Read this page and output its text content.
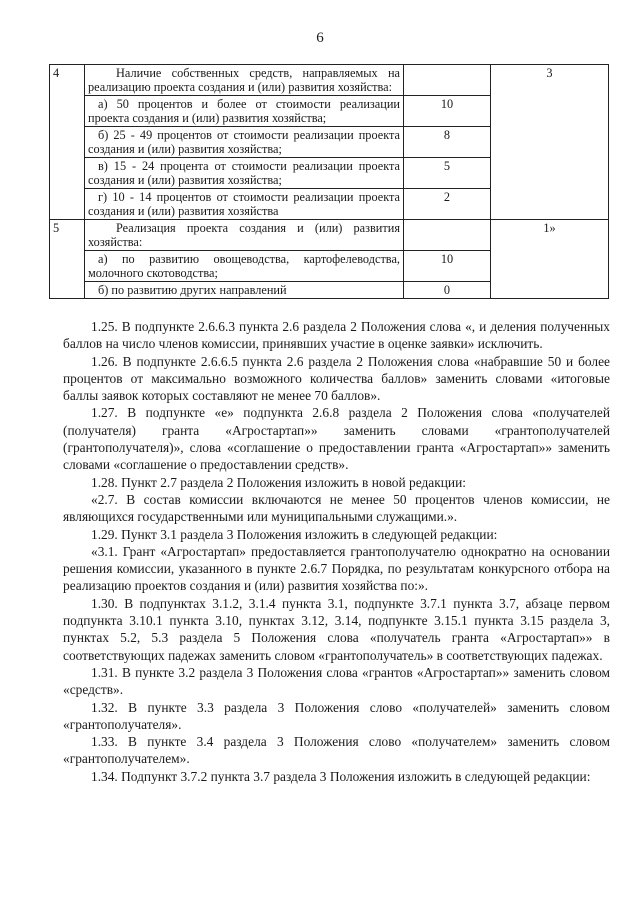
6
4	Наличие собственных средств, направляемых на реализацию проекта создания и (или) развития хозяйства:		3

	а) 50 процентов и более от стоимости реализации проекта создания и (или) развития хозяйства;	10	

	б) 25 - 49 процентов от стоимости реализации проекта создания и (или) развития хозяйства;	8	

	в) 15 - 24 процента от стоимости реализации проекта создания и (или) развития хозяйства;	5	

	г) 10 - 14 процентов от стоимости реализации проекта создания и (или) развития хозяйства	2	
5	Реализация проекта создания и (или) развития хозяйства:		1»

	а) по развитию овощеводства, картофелеводства, молочного скотоводства;	10	

	б) по развитию других направлений	0	

1.25. В подпункте 2.6.6.3 пункта 2.6 раздела 2 Положения слова «, и деления полученных баллов на число членов комиссии, принявших участие в оценке заявки» исключить.

1.26. В подпункте 2.6.6.5 пункта 2.6 раздела 2 Положения слова «набравшие 50 и более процентов от максимально возможного количества баллов» заменить словами «итоговые баллы заявок которых составляют не менее 70 баллов».

1.27. В подпункте «е» подпункта 2.6.8 раздела 2 Положения слова «получателей (получателя) гранта «Агростартап»» заменить словами «грантополучателей (грантополучателя)», слова «соглашение о предоставлении гранта «Агростартап»» заменить словами «соглашение о предоставлении средств».

1.28. Пункт 2.7 раздела 2 Положения изложить в новой редакции:

«2.7. В состав комиссии включаются не менее 50 процентов членов комиссии, не являющихся государственными или муниципальными служащими.».

1.29. Пункт 3.1 раздела 3 Положения изложить в следующей редакции:

«3.1. Грант «Агростартап» предоставляется грантополучателю однократно на основании решения комиссии, указанного в пункте 2.6.7 Порядка, по результатам конкурсного отбора на реализацию проектов создания и (или) развития хозяйства по:».

1.30. В подпунктах 3.1.2, 3.1.4 пункта 3.1, подпункте 3.7.1 пункта 3.7, абзаце первом подпункта 3.10.1 пункта 3.10, пунктах 3.12, 3.14, подпункте 3.15.1 пункта 3.15 раздела 3, пунктах 5.2, 5.3 раздела 5 Положения слова «получатель гранта «Агростартап»» в соответствующих падежах заменить словом «грантополучатель» в соответствующих падежах.

1.31. В пункте 3.2 раздела 3 Положения слова «грантов «Агростартап»» заменить словом «средств».

1.32. В пункте 3.3 раздела 3 Положения слово «получателей» заменить словом «грантополучателя».

1.33. В пункте 3.4 раздела 3 Положения слово «получателем» заменить словом «грантополучателем».

1.34. Подпункт 3.7.2 пункта 3.7 раздела 3 Положения изложить в следующей редакции:
